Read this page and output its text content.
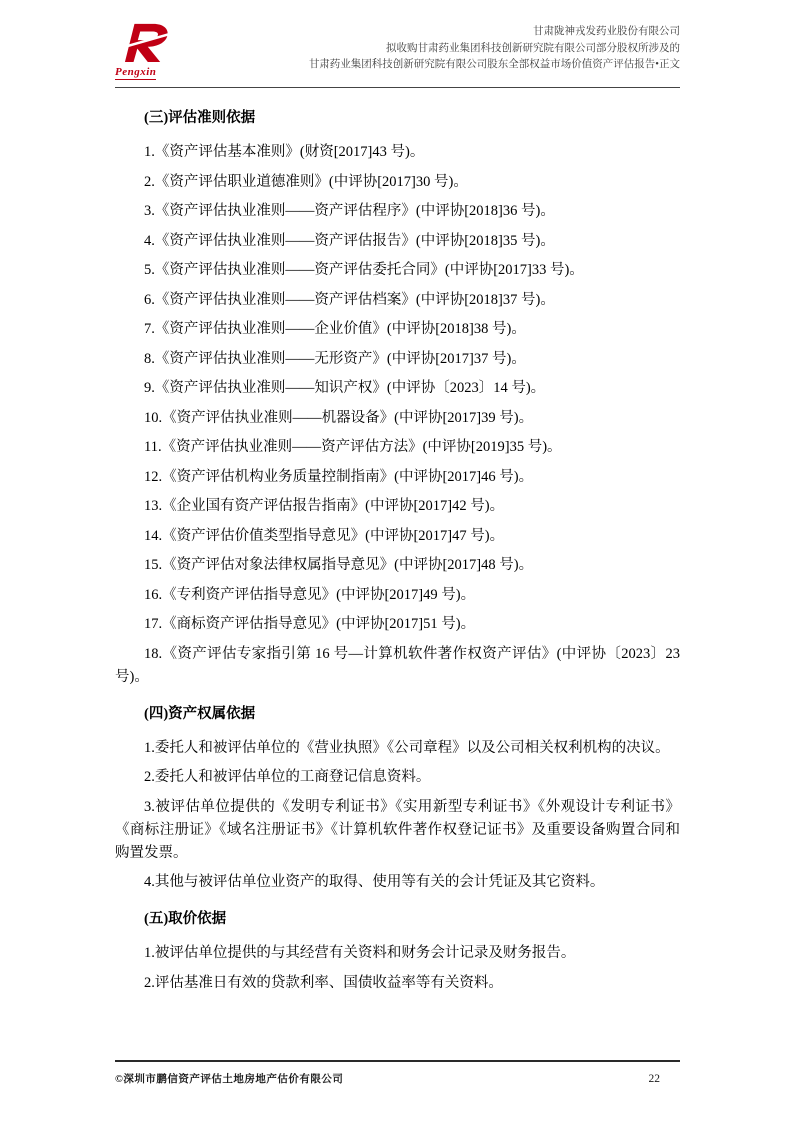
Pengxin
甘肃陇神戎发药业股份有限公司
拟收购甘肃药业集团科技创新研究院有限公司部分股权所涉及的
甘肃药业集团科技创新研究院有限公司股东全部权益市场价值资产评估报告•正文
(三)评估准则依据

1.《资产评估基本准则》(财资[2017]43 号)。

2.《资产评估职业道德准则》(中评协[2017]30 号)。

3.《资产评估执业准则——资产评估程序》(中评协[2018]36 号)。

4.《资产评估执业准则——资产评估报告》(中评协[2018]35 号)。

5.《资产评估执业准则——资产评估委托合同》(中评协[2017]33 号)。

6.《资产评估执业准则——资产评估档案》(中评协[2018]37 号)。

7.《资产评估执业准则——企业价值》(中评协[2018]38 号)。

8.《资产评估执业准则——无形资产》(中评协[2017]37 号)。

9.《资产评估执业准则——知识产权》(中评协〔2023〕14 号)。

10.《资产评估执业准则——机器设备》(中评协[2017]39 号)。

11.《资产评估执业准则——资产评估方法》(中评协[2019]35 号)。

12.《资产评估机构业务质量控制指南》(中评协[2017]46 号)。

13.《企业国有资产评估报告指南》(中评协[2017]42 号)。

14.《资产评估价值类型指导意见》(中评协[2017]47 号)。

15.《资产评估对象法律权属指导意见》(中评协[2017]48 号)。

16.《专利资产评估指导意见》(中评协[2017]49 号)。

17.《商标资产评估指导意见》(中评协[2017]51 号)。

18.《资产评估专家指引第 16 号—计算机软件著作权资产评估》(中评协〔2023〕23 号)。

(四)资产权属依据

1.委托人和被评估单位的《营业执照》《公司章程》以及公司相关权利机构的决议。

2.委托人和被评估单位的工商登记信息资料。

3.被评估单位提供的《发明专利证书》《实用新型专利证书》《外观设计专利证书》《商标注册证》《域名注册证书》《计算机软件著作权登记证书》及重要设备购置合同和购置发票。

4.其他与被评估单位业资产的取得、使用等有关的会计凭证及其它资料。

(五)取价依据

1.被评估单位提供的与其经营有关资料和财务会计记录及财务报告。

2.评估基准日有效的贷款利率、国债收益率等有关资料。

©深圳市鹏信资产评估土地房地产估价有限公司	22
